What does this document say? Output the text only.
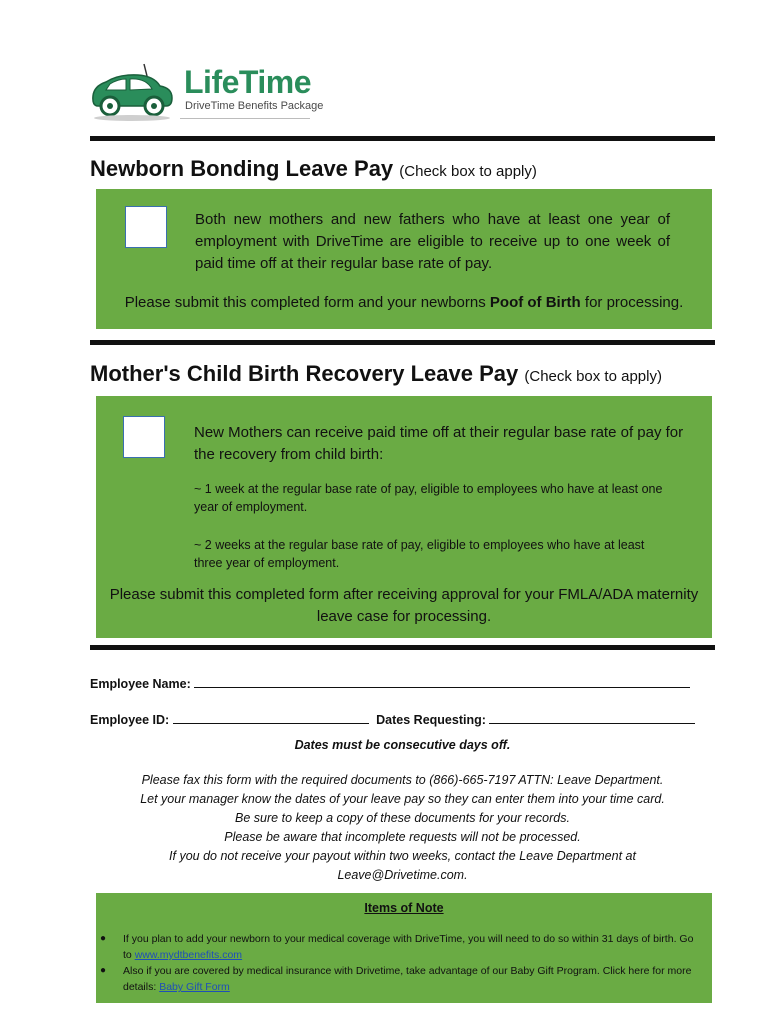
LifeTime
DriveTime Benefits Package
Newborn Bonding Leave Pay (Check box to apply)
Both new mothers and new fathers who have at least one year of employment with DriveTime are eligible to receive up to one week of paid time off at their regular base rate of pay.
Please submit this completed form and your newborns Poof of Birth for processing.
Mother's Child Birth Recovery Leave Pay (Check box to apply)
New Mothers can receive paid time off at their regular base rate of pay for the recovery from child birth:
~ 1 week at the regular base rate of pay, eligible to employees who have at least one year of employment.
~ 2 weeks at the regular base rate of pay, eligible to employees who have at least three year of employment.
Please submit this completed form after receiving approval for your FMLA/ADA maternity leave case for processing.
Employee Name:
Employee ID:	Dates Requesting:
Dates must be consecutive days off.
Please fax this form with the required documents to (866)-665-7197 ATTN: Leave Department.
Let your manager know the dates of your leave pay so they can enter them into your time card.
Be sure to keep a copy of these documents for your records.
Please be aware that incomplete requests will not be processed.
If you do not receive your payout within two weeks, contact the Leave Department at
Leave@Drivetime.com.
Items of Note
● If you plan to add your newborn to your medical coverage with DriveTime, you will need to do so within 31 days of birth. Go to www.mydtbenefits.com
● Also if you are covered by medical insurance with Drivetime, take advantage of our Baby Gift Program. Click here for more details: Baby Gift Form
